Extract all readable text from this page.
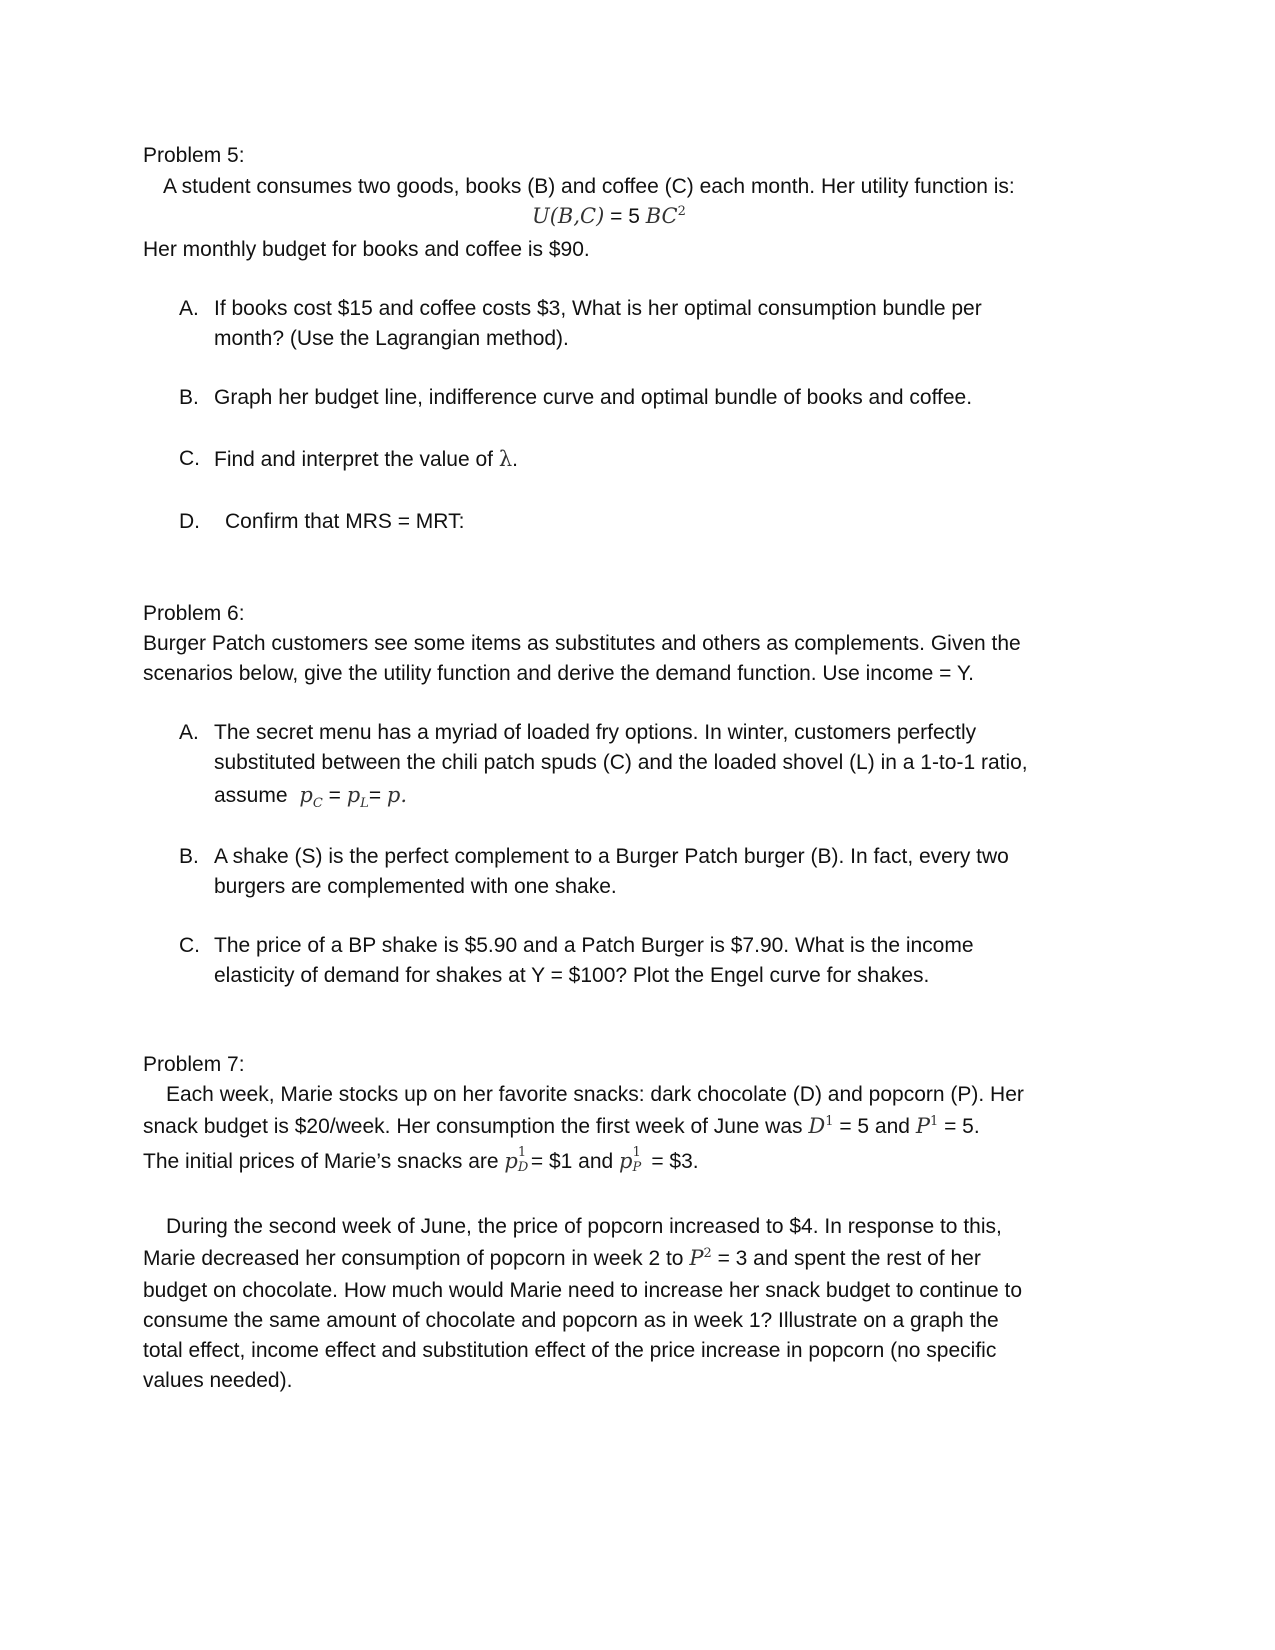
Problem 5:
A student consumes two goods, books (B) and coffee (C) each month. Her utility function is:
U(B,C) = 5 $BC^2$
Her monthly budget for books and coffee is $90.
A. If books cost $15 and coffee costs $3, What is her optimal consumption bundle per
month? (Use the Lagrangian method).
B. Graph her budget line, indifference curve and optimal bundle of books and coffee.
C. Find and interpret the value of λ.
D. Confirm that MRS = MRT:
Problem 6:
Burger Patch customers see some items as substitutes and others as complements. Given the
scenarios below, give the utility function and derive the demand function. Use income = Y.
A. The secret menu has a myriad of loaded fry options. In winter, customers perfectly
substituted between the chili patch spuds (C) and the loaded shovel (L) in a 1-to-1 ratio,
assume $p_C = p_L= p$.
B. A shake (S) is the perfect complement to a Burger Patch burger (B). In fact, every two
burgers are complemented with one shake.
C. The price of a BP shake is $5.90 and a Patch Burger is $7.90. What is the income
elasticity of demand for shakes at Y = $100? Plot the Engel curve for shakes.
Problem 7:
Each week, Marie stocks up on her favorite snacks: dark chocolate (D) and popcorn (P). Her
snack budget is $20/week. Her consumption the first week of June was $D^1 = 5$ and $P^1 = 5$.
The initial prices of Marie’s snacks are p 1
D = $1 and p 1
P = $3.
During the second week of June, the price of popcorn increased to $4. In response to this,
Marie decreased her consumption of popcorn in week 2 to $P^2 = 3$ and spent the rest of her
budget on chocolate. How much would Marie need to increase her snack budget to continue to
consume the same amount of chocolate and popcorn as in week 1? Illustrate on a graph the
total effect, income effect and substitution effect of the price increase in popcorn (no specific
values needed).
